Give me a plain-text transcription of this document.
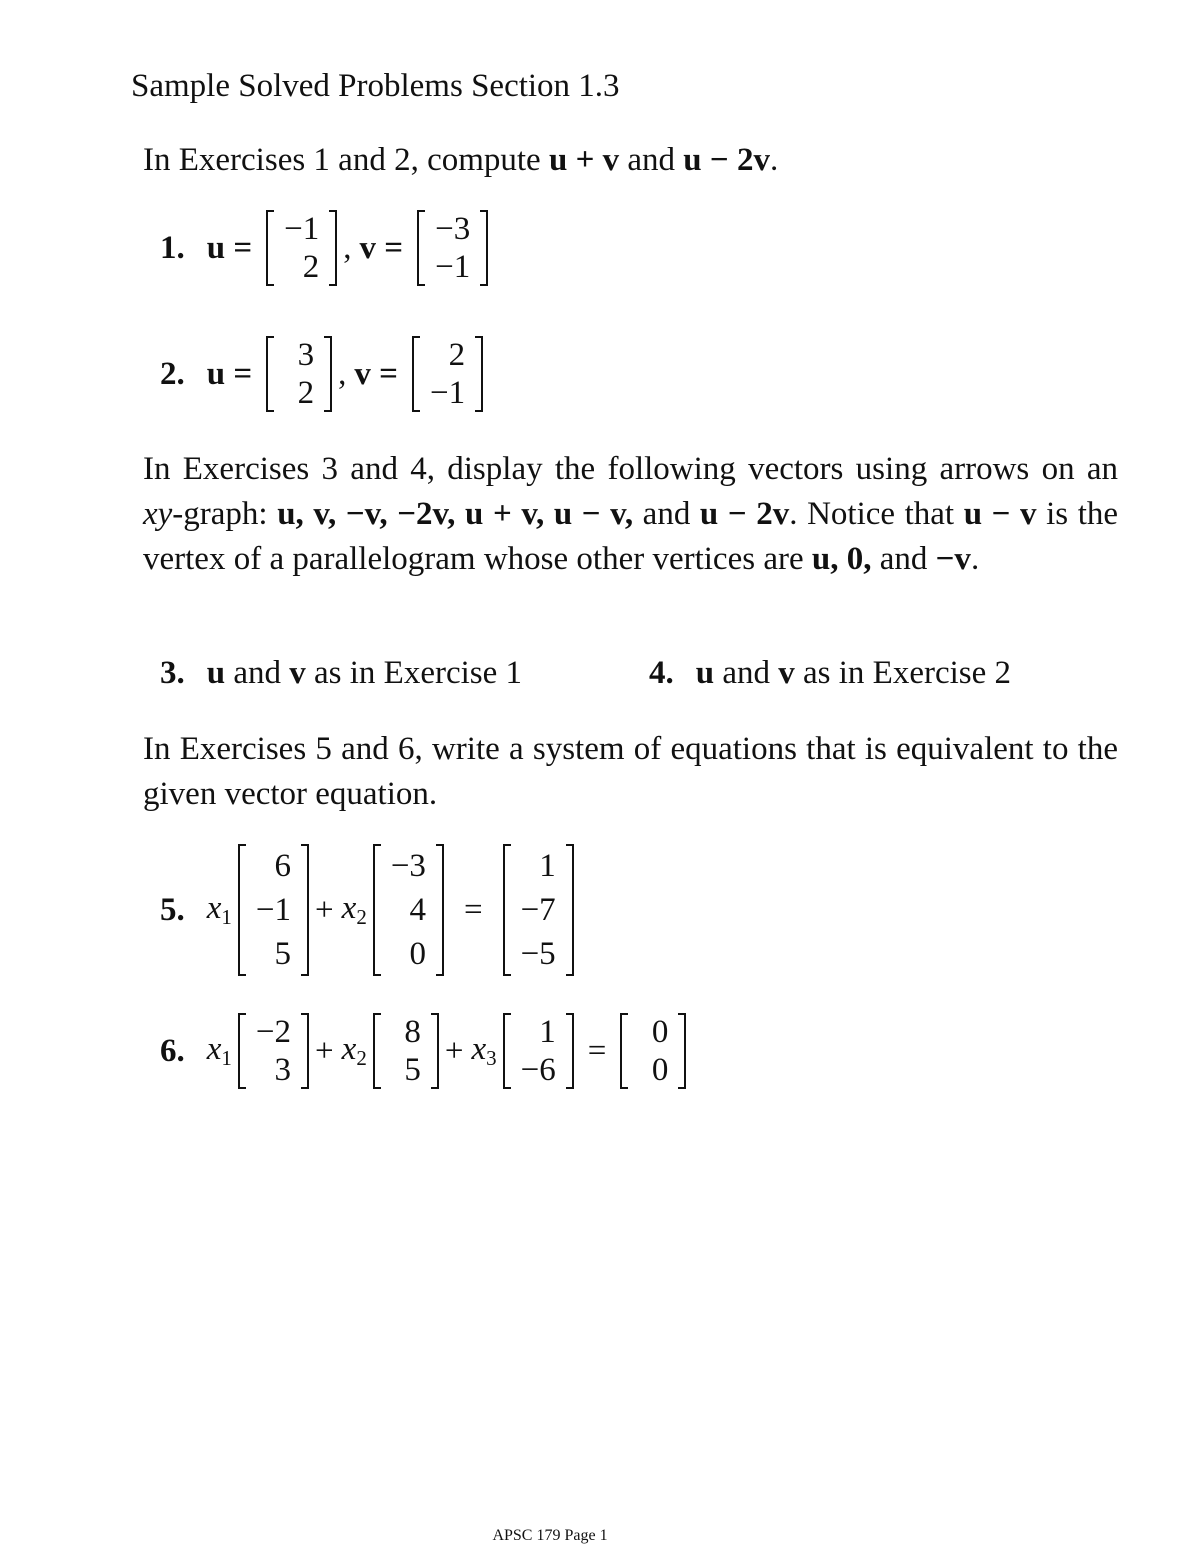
Sample Solved Problems Section 1.3
In Exercises 1 and 2, compute u + v and u − 2v.
1. u =
−1
2
, v =
−3
−1
2. u =
3
2
, v =
2
−1
In Exercises 3 and 4, display the following vectors using arrows on an xy-graph: u, v, −v, −2v, u + v, u − v, and u − 2v. Notice that u − v is the vertex of a parallelogram whose other vertices are u, 0, and −v.
3. u and v as in Exercise 1	4. u and v as in Exercise 2
In Exercises 5 and 6, write a system of equations that is equivalent to the given vector equation.
5. $x_1$
6
−1
5
+ $x_2$
−3
4
0
=
1
−7
−5
6. $x_1$
−2
3
+ $x_2$
8
5
+ $x_3$
1
−6
=
0
0
APSC 179 Page 1
